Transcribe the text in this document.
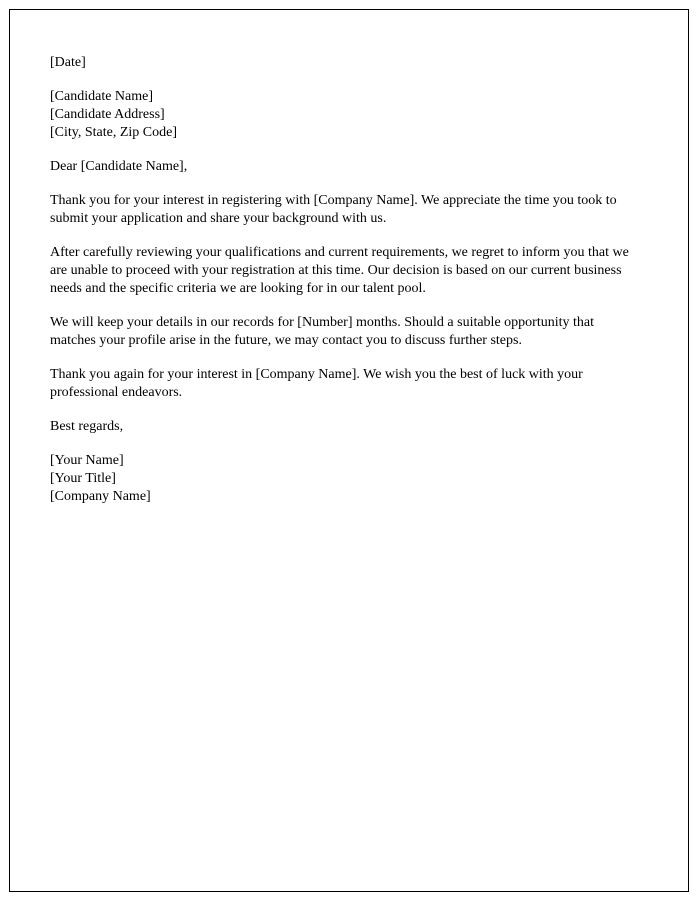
[Date]
[Candidate Name]
[Candidate Address]
[City, State, Zip Code]
Dear [Candidate Name],
Thank you for your interest in registering with [Company Name]. We appreciate the time you took to submit your application and share your background with us.
After carefully reviewing your qualifications and current requirements, we regret to inform you that we are unable to proceed with your registration at this time. Our decision is based on our current business needs and the specific criteria we are looking for in our talent pool.
We will keep your details in our records for [Number] months. Should a suitable opportunity that matches your profile arise in the future, we may contact you to discuss further steps.
Thank you again for your interest in [Company Name]. We wish you the best of luck with your professional endeavors.
Best regards,
[Your Name]
[Your Title]
[Company Name]
